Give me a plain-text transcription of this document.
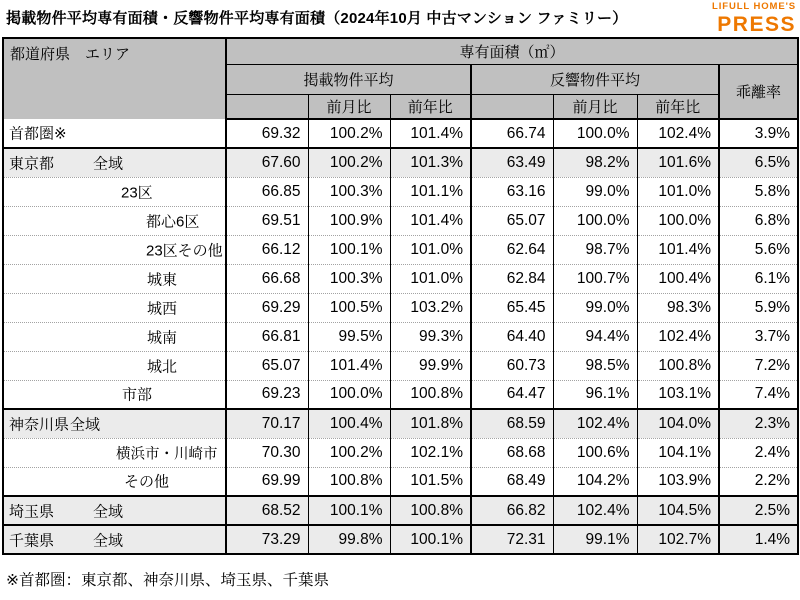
掲載物件平均専有面積・反響物件平均専有面積（2024年10月 中古マンション ファミリー）
LIFULL HOME'S
PRESS
都道府県　エリア	専有面積（㎡）						
	掲載物件平均			反響物件平均			乖離率
		前月比	前年比		前月比	前年比	

首都圏※	69.32	100.2%	101.4%	66.74	100.0%	102.4%	3.9%

東京都 全域	67.60	100.2%	101.3%	63.49	98.2%	101.6%	6.5%

23区	66.85	100.3%	101.1%	63.16	99.0%	101.0%	5.8%

都心6区	69.51	100.9%	101.4%	65.07	100.0%	100.0%	6.8%

23区その他	66.12	100.1%	101.0%	62.64	98.7%	101.4%	5.6%

城東	66.68	100.3%	101.0%	62.84	100.7%	100.4%	6.1%

城西	69.29	100.5%	103.2%	65.45	99.0%	98.3%	5.9%

城南	66.81	99.5%	99.3%	64.40	94.4%	102.4%	3.7%

城北	65.07	101.4%	99.9%	60.73	98.5%	100.8%	7.2%

市部	69.23	100.0%	100.8%	64.47	96.1%	103.1%	7.4%

神奈川県 全域	70.17	100.4%	101.8%	68.59	102.4%	104.0%	2.3%

横浜市・川崎市	70.30	100.2%	102.1%	68.68	100.6%	104.1%	2.4%

その他	69.99	100.8%	101.5%	68.49	104.2%	103.9%	2.2%

埼玉県 全域	68.52	100.1%	100.8%	66.82	102.4%	104.5%	2.5%

千葉県 全域	73.29	99.8%	100.1%	72.31	99.1%	102.7%	1.4%
※首都圏：東京都、神奈川県、埼玉県、千葉県
